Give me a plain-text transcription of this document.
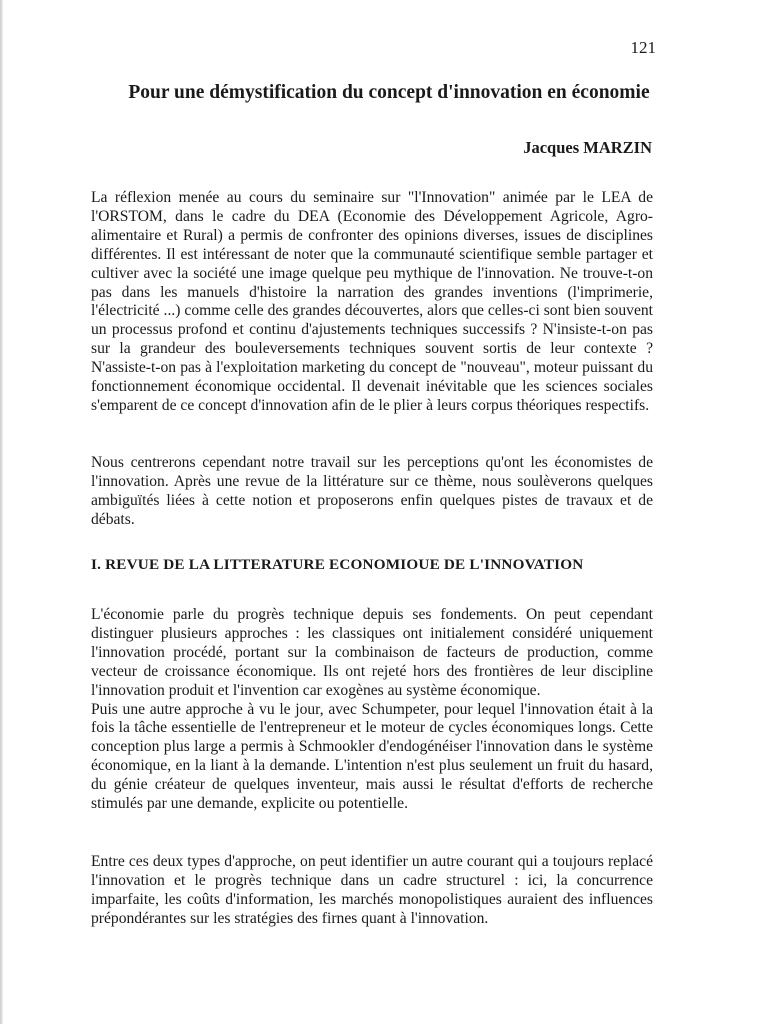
121
Pour une démystification du concept d'innovation en économie
Jacques MARZIN

La réflexion menée au cours du seminaire sur "l'Innovation" animée par le LEA de l'ORSTOM, dans le cadre du DEA (Economie des Développement Agricole, Agro-alimentaire et Rural) a permis de confronter des opinions diverses, issues de disciplines différentes. Il est intéressant de noter que la communauté scientifique semble partager et cultiver avec la société une image quelque peu mythique de l'innovation. Ne trouve-t-on pas dans les manuels d'histoire la narration des grandes inventions (l'imprimerie, l'électricité ...) comme celle des grandes découvertes, alors que celles-ci sont bien souvent un processus profond et continu d'ajustements techniques successifs ? N'insiste-t-on pas sur la grandeur des bouleversements techniques souvent sortis de leur contexte ? N'assiste-t-on pas à l'exploitation marketing du concept de "nouveau", moteur puissant du fonctionnement économique occidental. Il devenait inévitable que les sciences sociales s'emparent de ce concept d'innovation afin de le plier à leurs corpus théoriques respectifs.

Nous centrerons cependant notre travail sur les perceptions qu'ont les économistes de l'innovation. Après une revue de la littérature sur ce thème, nous soulèverons quelques ambiguïtés liées à cette notion et proposerons enfin quelques pistes de travaux et de débats.

I. REVUE DE LA LITTERATURE ECONOMIOUE DE L'INNOVATION

L'économie parle du progrès technique depuis ses fondements. On peut cependant distinguer plusieurs approches : les classiques ont initialement considéré uniquement l'innovation procédé, portant sur la combinaison de facteurs de production, comme vecteur de croissance économique. Ils ont rejeté hors des frontières de leur discipline l'innovation produit et l'invention car exogènes au système économique.

Puis une autre approche à vu le jour, avec Schumpeter, pour lequel l'innovation était à la fois la tâche essentielle de l'entrepreneur et le moteur de cycles économiques longs. Cette conception plus large a permis à Schmookler d'endogénéiser l'innovation dans le système économique, en la liant à la demande. L'intention n'est plus seulement un fruit du hasard, du génie créateur de quelques inventeur, mais aussi le résultat d'efforts de recherche stimulés par une demande, explicite ou potentielle.

Entre ces deux types d'approche, on peut identifier un autre courant qui a toujours replacé l'innovation et le progrès technique dans un cadre structurel : ici, la concurrence imparfaite, les coûts d'information, les marchés monopolistiques auraient des influences prépondérantes sur les stratégies des firnes quant à l'innovation.
